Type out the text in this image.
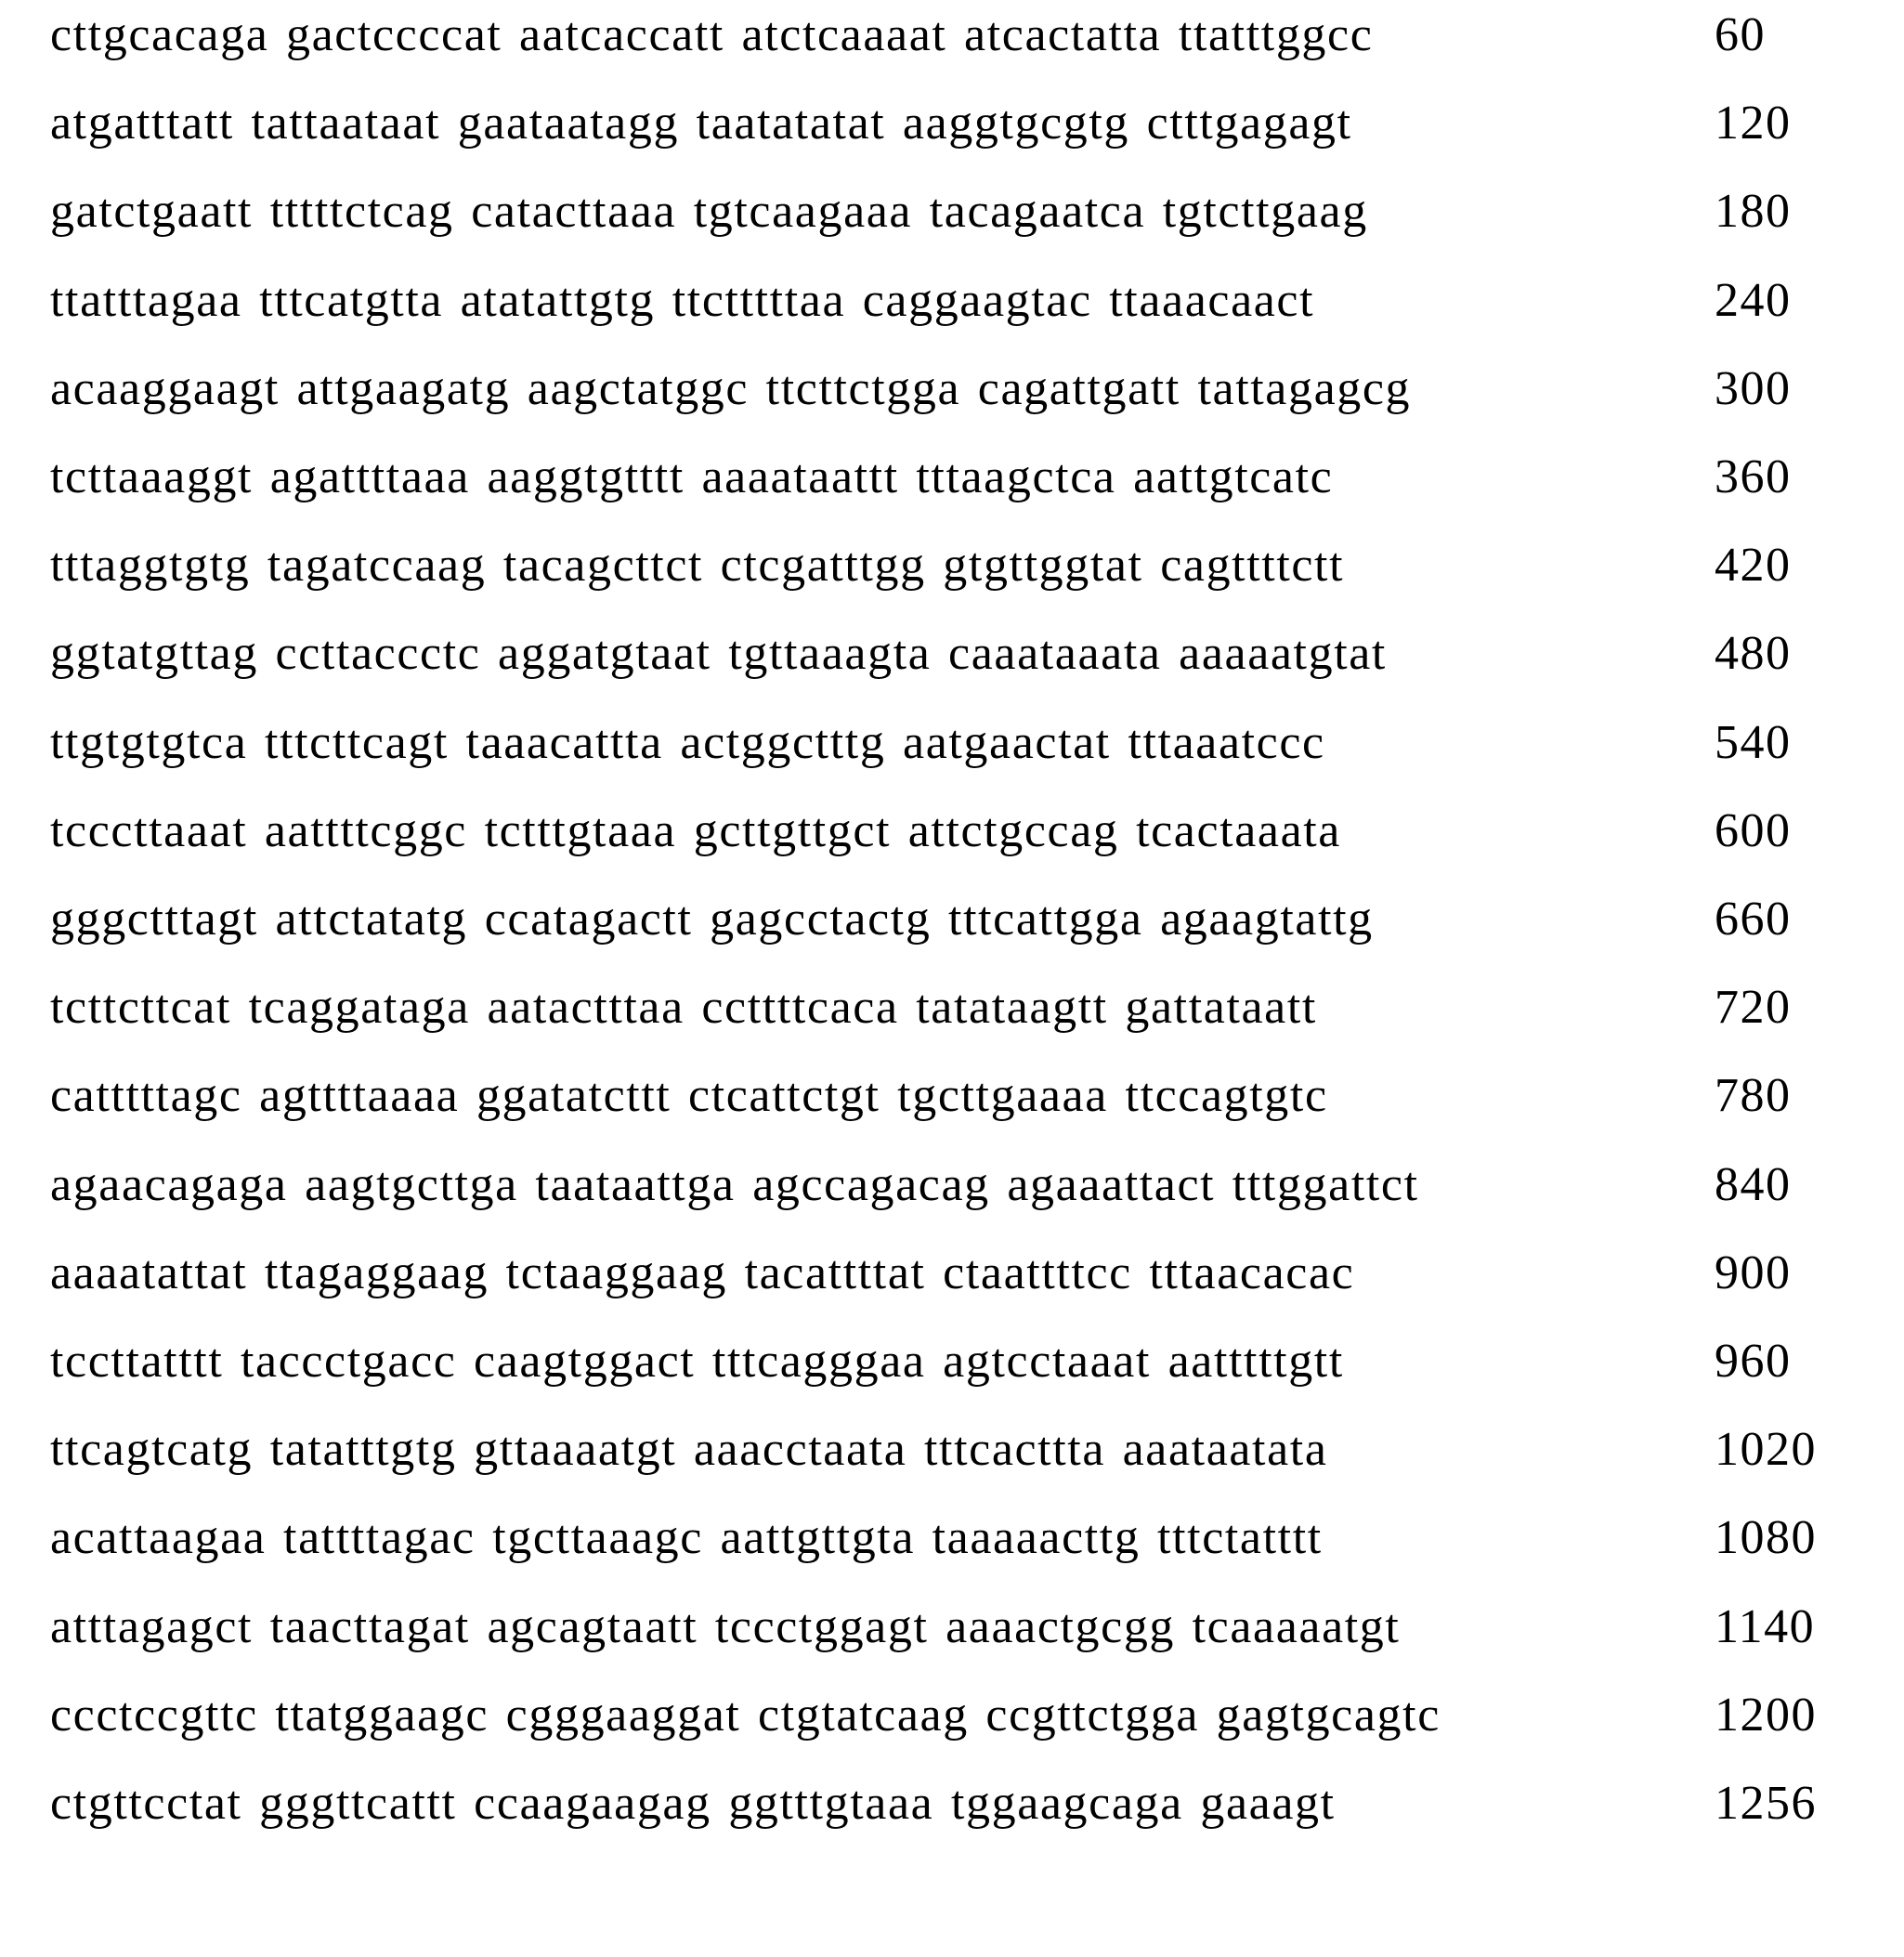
cttgcacaga gactccccat aatcaccatt atctcaaaat atcactatta ttatttggcc	60
atgatttatt tattaataat gaataatagg taatatatat aaggtgcgtg ctttgagagt	120
gatctgaatt tttttctcag catacttaaa tgtcaagaaa tacagaatca tgtcttgaag	180
ttatttagaa tttcatgtta atatattgtg ttctttttaa caggaagtac ttaaacaact	240
acaaggaagt attgaagatg aagctatggc ttcttctgga cagattgatt tattagagcg	300
tcttaaaggt agattttaaa aaggtgtttt aaaataattt tttaagctca aattgtcatc	360
tttaggtgtg tagatccaag tacagcttct ctcgatttgg gtgttggtat cagttttctt	420
ggtatgttag ccttaccctc aggatgtaat tgttaaagta caaataaata aaaaatgtat	480
ttgtgtgtca tttcttcagt taaacattta actggctttg aatgaactat tttaaatccc	540
tcccttaaat aattttcggc tctttgtaaa gcttgttgct attctgccag tcactaaata	600
gggctttagt attctatatg ccatagactt gagcctactg tttcattgga agaagtattg	660
tcttcttcat tcaggataga aatactttaa ccttttcaca tatataagtt gattataatt	720
catttttagc agttttaaaa ggatatcttt ctcattctgt tgcttgaaaa ttccagtgtc	780
agaacagaga aagtgcttga taataattga agccagacag agaaattact tttggattct	840
aaaatattat ttagaggaag tctaaggaag tacattttat ctaattttcc tttaacacac	900
tccttatttt taccctgacc caagtggact tttcagggaa agtcctaaat aatttttgtt	960
ttcagtcatg tatatttgtg gttaaaatgt aaacctaata tttcacttta aaataatata	1020
acattaagaa tattttagac tgcttaaagc aattgttgta taaaaacttg tttctatttt	1080
atttagagct taacttagat agcagtaatt tccctggagt aaaactgcgg tcaaaaatgt	1140
ccctccgttc ttatggaagc cgggaaggat ctgtatcaag ccgttctgga gagtgcagtc	1200
ctgttcctat gggttcattt ccaagaagag ggtttgtaaa tggaagcaga gaaagt	1256
